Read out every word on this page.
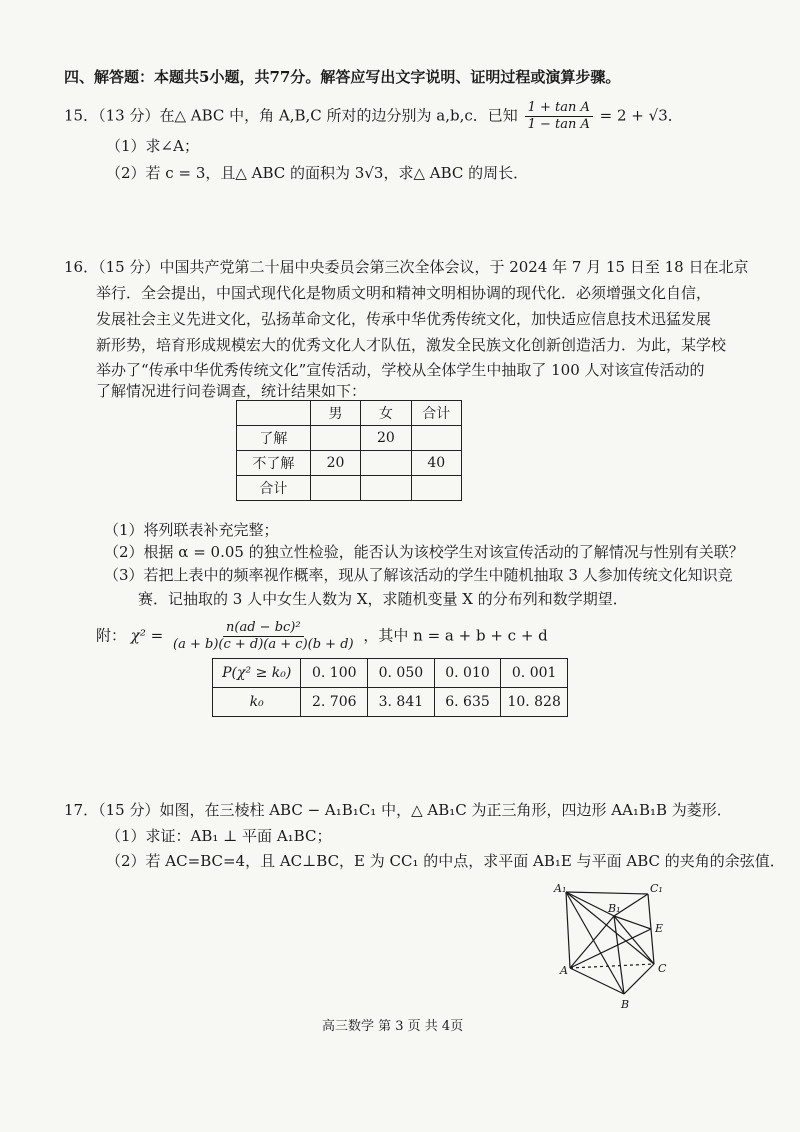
四、解答题：本题共5小题，共77分。解答应写出文字说明、证明过程或演算步骤。
15．（13 分）在△ ABC 中，角 A,B,C 所对的边分别为 a,b,c．已知 $\frac{\text{1 + tan A}}{\text{1 − tan A}} = 2 + √3$．
（1）求∠A；
（2）若 c = 3，且△ ABC 的面积为 3√3，求△ ABC 的周长．
16．（15 分）中国共产党第二十届中央委员会第三次全体会议，于 2024 年 7 月 15 日至 18 日在北京
举行．全会提出，中国式现代化是物质文明和精神文明相协调的现代化．必须增强文化自信，
发展社会主义先进文化，弘扬革命文化，传承中华优秀传统文化，加快适应信息技术迅猛发展
新形势，培育形成规模宏大的优秀文化人才队伍，激发全民族文化创新创造活力．为此，某学校
举办了“传承中华优秀传统文化”宣传活动，学校从全体学生中抽取了 100 人对该宣传活动的
了解情况进行问卷调查，统计结果如下：
	男	女	合计
了解		20	
不了解	20		40
合计			
（1）将列联表补充完整；
（2）根据 α = 0.05 的独立性检验，能否认为该校学生对该宣传活动的了解情况与性别有关联？
（3）若把上表中的频率视作概率，现从了解该活动的学生中随机抽取 3 人参加传统文化知识竞
赛．记抽取的 3 人中女生人数为 X，求随机变量 X 的分布列和数学期望．
附： $\chi^2 = \frac{\text{n(ad − bc)²}}{(a + b)(c + d)(a + c)(b + d)}$ ，其中 n = a + b + c + d
P(χ² ≥ k₀)	0. 100	0. 050	0. 010	0. 001
k₀	2. 706	3. 841	6. 635	10. 828
17．（15 分）如图，在三棱柱 ABC − A₁B₁C₁ 中，△ AB₁C 为正三角形，四边形 AA₁B₁B 为菱形．
（1）求证：AB₁ ⊥ 平面 A₁BC；
（2）若 AC=BC=4，且 AC⊥BC，E 为 CC₁ 的中点，求平面 AB₁E 与平面 ABC 的夹角的余弦值．
A₁	C₁
B₁
E
A	C
B
高三数学 第 3 页 共 4页
